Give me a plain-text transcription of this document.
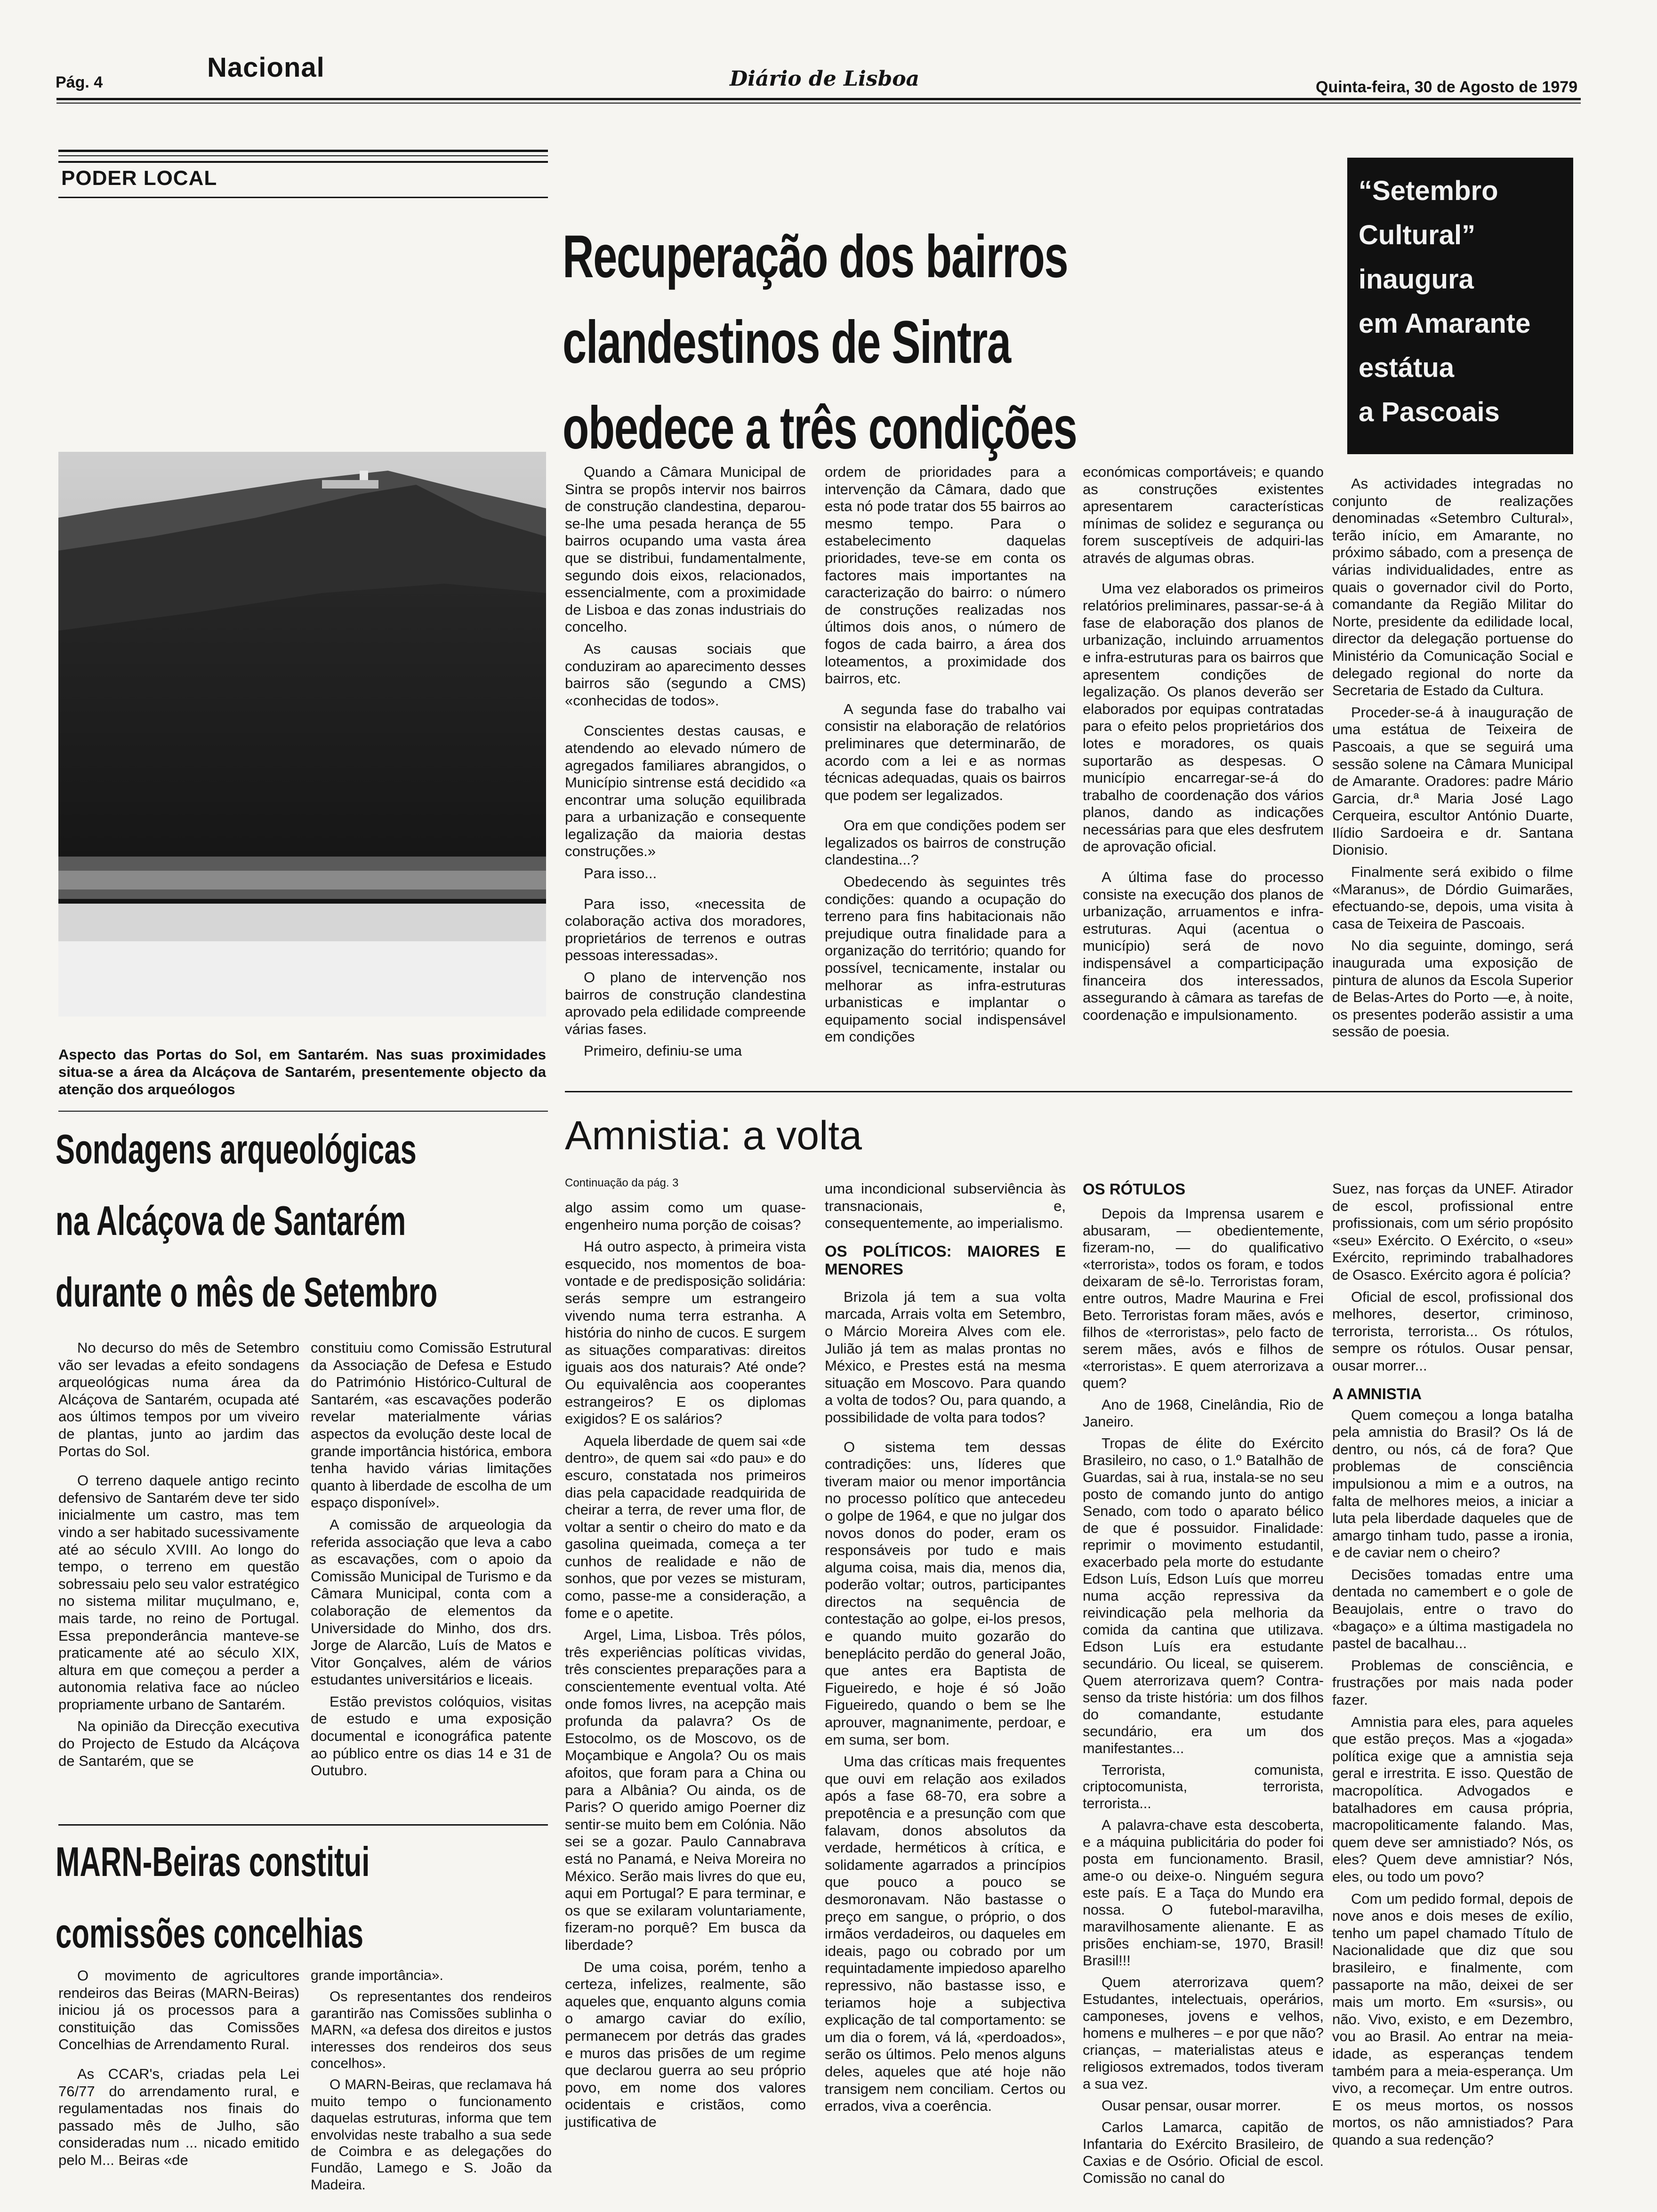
Pág. 4	Nacional	Diário de Lisboa	Quinta-feira, 30 de Agosto de 1979
PODER LOCAL
Aspecto das Portas do Sol, em Santarém. Nas suas proximidades situa-se a área da Alcáçova de Santarém, presentemente objecto da atenção dos arqueólogos
Recuperação dos bairros
clandestinos de Sintra
obedece a três condições

Quando a Câmara Municipal de Sintra se propôs intervir nos bairros de construção clandestina, deparou-se-lhe uma pesada herança de 55 bairros ocupando uma vasta área que se distribui, fundamentalmente, segundo dois eixos, relacionados, essencialmente, com a proximidade de Lisboa e das zonas industriais do concelho.

As causas sociais que conduziram ao aparecimento desses bairros são (segundo a CMS) «conhecidas de todos».

Conscientes destas causas, e atendendo ao elevado número de agregados familiares abrangidos, o Município sintrense está decidido «a encontrar uma solução equilibrada para a urbanização e consequente legalização da maioria destas construções.»

Para isso...

Para isso, «necessita de colaboração activa dos moradores, proprietários de terrenos e outras pessoas interessadas».

O plano de intervenção nos bairros de construção clandestina aprovado pela edilidade compreende várias fases.

Primeiro, definiu-se uma

ordem de prioridades para a intervenção da Câmara, dado que esta nó pode tratar dos 55 bairros ao mesmo tempo. Para o estabelecimento daquelas prioridades, teve-se em conta os factores mais importantes na caracterização do bairro: o número de construções realizadas nos últimos dois anos, o número de fogos de cada bairro, a área dos loteamentos, a proximidade dos bairros, etc.

A segunda fase do trabalho vai consistir na elaboração de relatórios preliminares que determinarão, de acordo com a lei e as normas técnicas adequadas, quais os bairros que podem ser legalizados.

Ora em que condições podem ser legalizados os bairros de construção clandestina...?

Obedecendo às seguintes três condições: quando a ocupação do terreno para fins habitacionais não prejudique outra finalidade para a organização do território; quando for possível, tecnicamente, instalar ou melhorar as infra-estruturas urbanisticas e implantar o equipamento social indispensável em condições

económicas comportáveis; e quando as construções existentes apresentarem características mínimas de solidez e segurança ou forem susceptíveis de adquiri-las através de algumas obras.

Uma vez elaborados os primeiros relatórios preliminares, passar-se-á à fase de elaboração dos planos de urbanização, incluindo arruamentos e infra-estruturas para os bairros que apresentem condições de legalização. Os planos deverão ser elaborados por equipas contratadas para o efeito pelos proprietários dos lotes e moradores, os quais suportarão as despesas. O município encarregar-se-á do trabalho de coordenação dos vários planos, dando as indicações necessárias para que eles desfrutem de aprovação oficial.

A última fase do processo consiste na execução dos planos de urbanização, arruamentos e infra-estruturas. Aqui (acentua o município) será de novo indispensável a comparticipação financeira dos interessados, assegurando à câmara as tarefas de coordenação e impulsionamento.

“Setembro
Cultural”
inaugura
em Amarante
estátua
a Pascoais

As actividades integradas no conjunto de realizações denominadas «Setembro Cultural», terão início, em Amarante, no próximo sábado, com a presença de várias individualidades, entre as quais o governador civil do Porto, comandante da Região Militar do Norte, presidente da edilidade local, director da delegação portuense do Ministério da Comunicação Social e delegado regional do norte da Secretaria de Estado da Cultura.

Proceder-se-á à inauguração de uma estátua de Teixeira de Pascoais, a que se seguirá uma sessão solene na Câmara Municipal de Amarante. Oradores: padre Mário Garcia, dr.ª Maria José Lago Cerqueira, escultor António Duarte, Ilídio Sardoeira e dr. Santana Dionisio.

Finalmente será exibido o filme «Maranus», de Dórdio Guimarães, efectuando-se, depois, uma visita à casa de Teixeira de Pascoais.

No dia seguinte, domingo, será inaugurada uma exposição de pintura de alunos da Escola Superior de Belas-Artes do Porto —e, à noite, os presentes poderão assistir a uma sessão de poesia.

Sondagens arqueológicas
na Alcáçova de Santarém
durante o mês de Setembro

No decurso do mês de Setembro vão ser levadas a efeito sondagens arqueológicas numa área da Alcáçova de Santarém, ocupada até aos últimos tempos por um viveiro de plantas, junto ao jardim das Portas do Sol.

O terreno daquele antigo recinto defensivo de Santarém deve ter sido inicialmente um castro, mas tem vindo a ser habitado sucessivamente até ao século XVIII. Ao longo do tempo, o terreno em questão sobressaiu pelo seu valor estratégico no sistema militar muçulmano, e, mais tarde, no reino de Portugal. Essa preponderância manteve-se praticamente até ao século XIX, altura em que começou a perder a autonomia relativa face ao núcleo propriamente urbano de Santarém.

Na opinião da Direcção executiva do Projecto de Estudo da Alcáçova de Santarém, que se

constituiu como Comissão Estrutural da Associação de Defesa e Estudo do Património Histórico-Cultural de Santarém, «as escavações poderão revelar materialmente várias aspectos da evolução deste local de grande importância histórica, embora tenha havido várias limitações quanto à liberdade de escolha de um espaço disponível».

A comissão de arqueologia da referida associação que leva a cabo as escavações, com o apoio da Comissão Municipal de Turismo e da Câmara Municipal, conta com a colaboração de elementos da Universidade do Minho, dos drs. Jorge de Alarcão, Luís de Matos e Vitor Gonçalves, além de vários estudantes universitários e liceais.

Estão previstos colóquios, visitas de estudo e uma exposição documental e iconográfica patente ao público entre os dias 14 e 31 de Outubro.

MARN-Beiras constitui
comissões concelhias

O movimento de agricultores rendeiros das Beiras (MARN-Beiras) iniciou já os processos para a constituição das Comissões Concelhias de Arrendamento Rural.

As CCAR's, criadas pela Lei 76/77 do arrendamento rural, e regulamentadas nos finais do passado mês de Julho, são consideradas num ... nicado emitido pelo M... Beiras «de

grande importância».

Os representantes dos rendeiros garantirão nas Comissões sublinha o MARN, «a defesa dos direitos e justos interesses dos rendeiros dos seus concelhos».

O MARN-Beiras, que reclamava há muito tempo o funcionamento daquelas estruturas, informa que tem envolvidas neste trabalho a sua sede de Coimbra e as delegações do Fundão, Lamego e S. João da Madeira.

Amnistia: a volta
Continuação da pág. 3

algo assim como um quase-engenheiro numa porção de coisas?

Há outro aspecto, à primeira vista esquecido, nos momentos de boa-vontade e de predisposição solidária: serás sempre um estrangeiro vivendo numa terra estranha. A história do ninho de cucos. E surgem as situações comparativas: direitos iguais aos dos naturais? Até onde? Ou equivalência aos cooperantes estrangeiros? E os diplomas exigidos? E os salários?

Aquela liberdade de quem sai «de dentro», de quem sai «do pau» e do escuro, constatada nos primeiros dias pela capacidade readquirida de cheirar a terra, de rever uma flor, de voltar a sentir o cheiro do mato e da gasolina queimada, começa a ter cunhos de realidade e não de sonhos, que por vezes se misturam, como, passe-me a consideração, a fome e o apetite.

Argel, Lima, Lisboa. Três pólos, três experiências políticas vividas, três conscientes preparações para a conscientemente eventual volta. Até onde fomos livres, na acepção mais profunda da palavra? Os de Estocolmo, os de Moscovo, os de Moçambique e Angola? Ou os mais afoitos, que foram para a China ou para a Albânia? Ou ainda, os de Paris? O querido amigo Poerner diz sentir-se muito bem em Colónia. Não sei se a gozar. Paulo Cannabrava está no Panamá, e Neiva Moreira no México. Serão mais livres do que eu, aqui em Portugal? E para terminar, e os que se exilaram voluntariamente, fizeram-no porquê? Em busca da liberdade?

De uma coisa, porém, tenho a certeza, infelizes, realmente, são aqueles que, enquanto alguns comia o amargo caviar do exílio, permanecem por detrás das grades e muros das prisões de um regime que declarou guerra ao seu próprio povo, em nome dos valores ocidentais e cristãos, como justificativa de

uma incondicional subserviência às transnacionais, e, consequentemente, ao imperialismo.

OS POLÍTICOS: MAIORES E MENORES

Brizola já tem a sua volta marcada, Arrais volta em Setembro, o Márcio Moreira Alves com ele. Julião já tem as malas prontas no México, e Prestes está na mesma situação em Moscovo. Para quando a volta de todos? Ou, para quando, a possibilidade de volta para todos?

O sistema tem dessas contradições: uns, líderes que tiveram maior ou menor importância no processo político que antecedeu o golpe de 1964, e que no julgar dos novos donos do poder, eram os responsáveis por tudo e mais alguma coisa, mais dia, menos dia, poderão voltar; outros, participantes directos na sequência de contestação ao golpe, ei-los presos, e quando muito gozarão do beneplácito perdão do general João, que antes era Baptista de Figueiredo, e hoje é só João Figueiredo, quando o bem se lhe aprouver, magnanimente, perdoar, e em suma, ser bom.

Uma das críticas mais frequentes que ouvi em relação aos exilados após a fase 68-70, era sobre a prepotência e a presunção com que falavam, donos absolutos da verdade, herméticos à crítica, e solidamente agarrados a princípios que pouco a pouco se desmoronavam. Não bastasse o preço em sangue, o próprio, o dos irmãos verdadeiros, ou daqueles em ideais, pago ou cobrado por um requintadamente impiedoso aparelho repressivo, não bastasse isso, e teriamos hoje a subjectiva explicação de tal comportamento: se um dia o forem, vá lá, «perdoados», serão os últimos. Pelo menos alguns deles, aqueles que até hoje não transigem nem conciliam. Certos ou errados, viva a coerência.

OS RÓTULOS

Depois da Imprensa usarem e abusaram, — obedientemente, fizeram-no, — do qualificativo «terrorista», todos os foram, e todos deixaram de sê-lo. Terroristas foram, entre outros, Madre Maurina e Frei Beto. Terroristas foram mães, avós e filhos de «terroristas», pelo facto de serem mães, avós e filhos de «terroristas». E quem aterrorizava a quem?

Ano de 1968, Cinelândia, Rio de Janeiro.

Tropas de élite do Exército Brasileiro, no caso, o 1.º Batalhão de Guardas, sai à rua, instala-se no seu posto de comando junto do antigo Senado, com todo o aparato bélico de que é possuidor. Finalidade: reprimir o movimento estudantil, exacerbado pela morte do estudante Edson Luís, Edson Luís que morreu numa acção repressiva da reivindicação pela melhoria da comida da cantina que utilizava. Edson Luís era estudante secundário. Ou liceal, se quiserem. Quem aterrorizava quem? Contra-senso da triste história: um dos filhos do comandante, estudante secundário, era um dos manifestantes...

Terrorista, comunista, criptocomunista, terrorista, terrorista...

A palavra-chave esta descoberta, e a máquina publicitária do poder foi posta em funcionamento. Brasil, ame-o ou deixe-o. Ninguém segura este país. E a Taça do Mundo era nossa. O futebol-maravilha, maravilhosamente alienante. E as prisões enchiam-se, 1970, Brasil! Brasil!!!

Quem aterrorizava quem? Estudantes, intelectuais, operários, camponeses, jovens e velhos, homens e mulheres – e por que não? crianças, – materialistas ateus e religiosos extremados, todos tiveram a sua vez.

Ousar pensar, ousar morrer.

Carlos Lamarca, capitão de Infantaria do Exército Brasileiro, de Caxias e de Osório. Oficial de escol. Comissão no canal do

Suez, nas forças da UNEF. Atirador de escol, profissional entre profissionais, com um sério propósito «seu» Exército. O Exército, o «seu» Exército, reprimindo trabalhadores de Osasco. Exército agora é polícia?

Oficial de escol, profissional dos melhores, desertor, criminoso, terrorista, terrorista... Os rótulos, sempre os rótulos. Ousar pensar, ousar morrer...

A AMNISTIA

Quem começou a longa batalha pela amnistia do Brasil? Os lá de dentro, ou nós, cá de fora? Que problemas de consciência impulsionou a mim e a outros, na falta de melhores meios, a iniciar a luta pela liberdade daqueles que de amargo tinham tudo, passe a ironia, e de caviar nem o cheiro?

Decisões tomadas entre uma dentada no camembert e o gole de Beaujolais, entre o travo do «bagaço» e a última mastigadela no pastel de bacalhau...

Problemas de consciência, e frustrações por mais nada poder fazer.

Amnistia para eles, para aqueles que estão preços. Mas a «jogada» política exige que a amnistia seja geral e irrestrita. E isso. Questão de macropolítica. Advogados e batalhadores em causa própria, macropoliticamente falando. Mas, quem deve ser amnistiado? Nós, os eles? Quem deve amnistiar? Nós, eles, ou todo um povo?

Com um pedido formal, depois de nove anos e dois meses de exílio, tenho um papel chamado Título de Nacionalidade que diz que sou brasileiro, e finalmente, com passaporte na mão, deixei de ser mais um morto. Em «sursis», ou não. Vivo, existo, e em Dezembro, vou ao Brasil. Ao entrar na meia-idade, as esperanças tendem também para a meia-esperança. Um vivo, a recomeçar. Um entre outros. E os meus mortos, os nossos mortos, os não amnistiados? Para quando a sua redenção?
